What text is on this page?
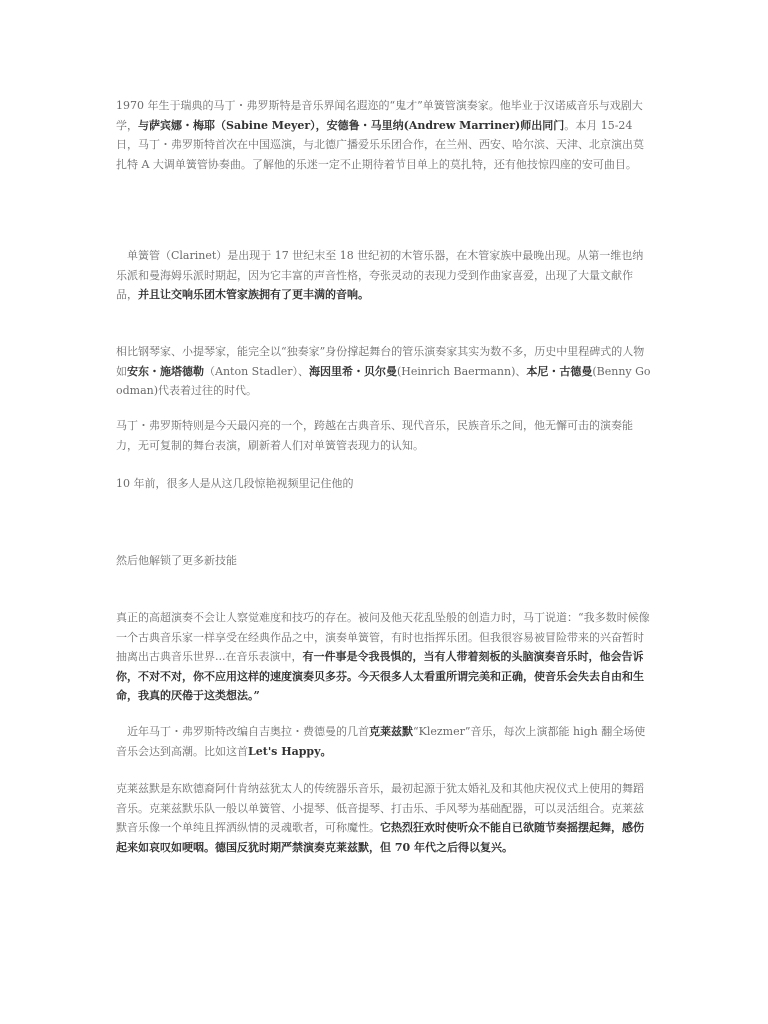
1970 年生于瑞典的马丁・弗罗斯特是音乐界闻名遐迩的“鬼才”单簧管演奏家。他毕业于汉诺威音乐与戏剧大学，与萨宾娜・梅耶（Sabine Meyer），安德鲁・马里纳(Andrew Marriner)师出同门。本月 15-24 日，马丁・弗罗斯特首次在中国巡演，与北德广播爱乐乐团合作，在兰州、西安、哈尔滨、天津、北京演出莫扎特 A 大调单簧管协奏曲。了解他的乐迷一定不止期待着节目单上的莫扎特，还有他技惊四座的安可曲目。

单簧管（Clarinet）是出现于 17 世纪末至 18 世纪初的木管乐器，在木管家族中最晚出现。从第一维也纳乐派和曼海姆乐派时期起，因为它丰富的声音性格，夸张灵动的表现力受到作曲家喜爱，出现了大量文献作品，并且让交响乐团木管家族拥有了更丰满的音响。

相比钢琴家、小提琴家，能完全以“独奏家”身份撑起舞台的管乐演奏家其实为数不多，历史中里程碑式的人物如安东・施塔德勒（Anton Stadler）、海因里希・贝尔曼(Heinrich Baermann)、本尼・古德曼(Benny Goodman)代表着过往的时代。

马丁・弗罗斯特则是今天最闪亮的一个，跨越在古典音乐、现代音乐，民族音乐之间，他无懈可击的演奏能力，无可复制的舞台表演，刷新着人们对单簧管表现力的认知。

10 年前，很多人是从这几段惊艳视频里记住他的

然后他解锁了更多新技能

真正的高超演奏不会让人察觉难度和技巧的存在。被问及他天花乱坠般的创造力时，马丁说道：“我多数时候像一个古典音乐家一样享受在经典作品之中，演奏单簧管，有时也指挥乐团。但我很容易被冒险带来的兴奋暂时抽离出古典音乐世界...在音乐表演中，有一件事是令我畏惧的，当有人带着刻板的头脑演奏音乐时，他会告诉你，不对不对，你不应用这样的速度演奏贝多芬。今天很多人太看重所谓完美和正确，使音乐会失去自由和生命，我真的厌倦于这类想法。”

近年马丁・弗罗斯特改编自吉奥拉・费德曼的几首克莱兹默“Klezmer”音乐，每次上演都能 high 翻全场使音乐会达到高潮。比如这首Let's Happy。

克莱兹默是东欧德裔阿什肯纳兹犹太人的传统器乐音乐，最初起源于犹太婚礼及和其他庆祝仪式上使用的舞蹈音乐。克莱兹默乐队一般以单簧管、小提琴、低音提琴、打击乐、手风琴为基础配器，可以灵活组合。克莱兹默音乐像一个单纯且挥洒纵情的灵魂歌者，可称魔性。它热烈狂欢时使听众不能自已欲随节奏摇摆起舞，感伤起来如哀叹如哽咽。德国反犹时期严禁演奏克莱兹默，但 70 年代之后得以复兴。
